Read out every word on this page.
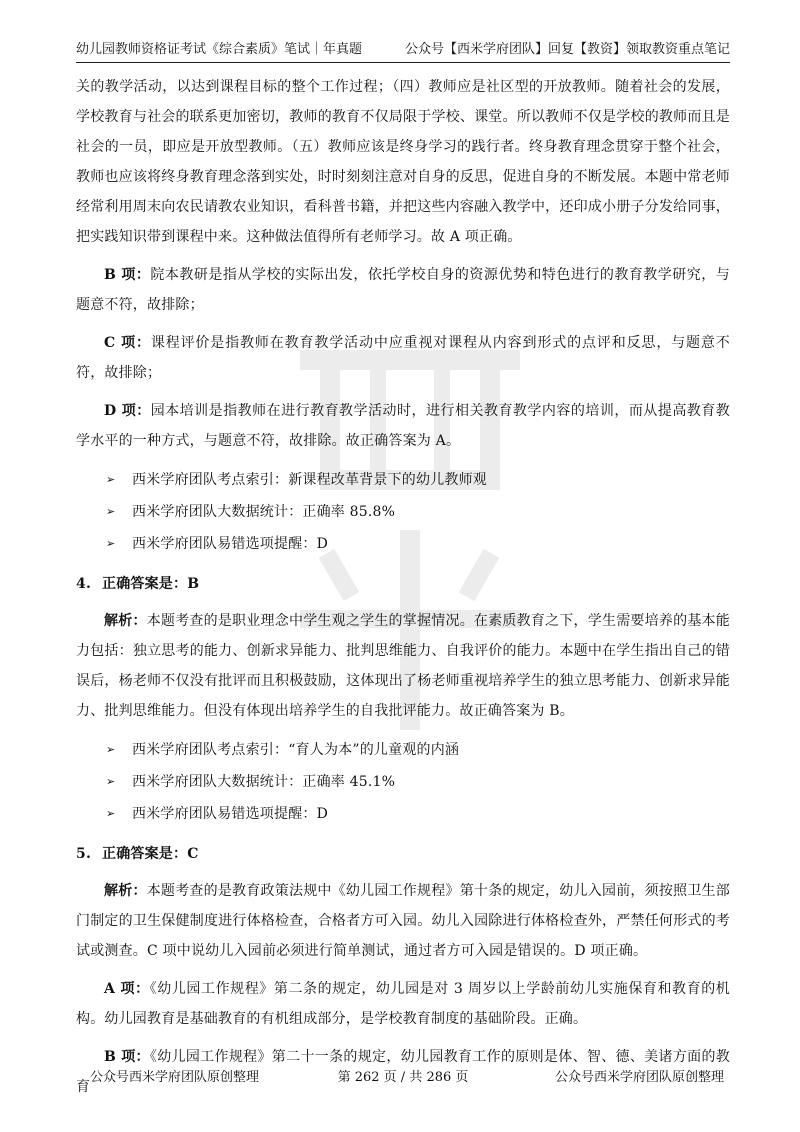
幼儿园教师资格证考试《综合素质》笔试｜年真题	公众号【西米学府团队】回复【教资】领取教资重点笔记

关的教学活动，以达到课程目标的整个工作过程；（四）教师应是社区型的开放教师。随着社会的发展，学校教育与社会的联系更加密切，教师的教育不仅局限于学校、课堂。所以教师不仅是学校的教师而且是社会的一员，即应是开放型教师。（五）教师应该是终身学习的践行者。终身教育理念贯穿于整个社会，教师也应该将终身教育理念落到实处，时时刻刻注意对自身的反思，促进自身的不断发展。本题中常老师经常利用周末向农民请教农业知识，看科普书籍，并把这些内容融入教学中，还印成小册子分发给同事，把实践知识带到课程中来。这种做法值得所有老师学习。故 A 项正确。

B 项：院本教研是指从学校的实际出发，依托学校自身的资源优势和特色进行的教育教学研究，与题意不符，故排除；

C 项：课程评价是指教师在教育教学活动中应重视对课程从内容到形式的点评和反思，与题意不符，故排除；

D 项：园本培训是指教师在进行教育教学活动时，进行相关教育教学内容的培训，而从提高教育教学水平的一种方式，与题意不符，故排除。故正确答案为 A。

➢ 西米学府团队考点索引：新课程改革背景下的幼儿教师观
➢ 西米学府团队大数据统计：正确率 85.8%
➢ 西米学府团队易错选项提醒：D
4. 正确答案是：B

解析：本题考查的是职业理念中学生观之学生的掌握情况。在素质教育之下，学生需要培养的基本能力包括：独立思考的能力、创新求异能力、批判思维能力、自我评价的能力。本题中在学生指出自己的错误后，杨老师不仅没有批评而且积极鼓励，这体现出了杨老师重视培养学生的独立思考能力、创新求异能力、批判思维能力。但没有体现出培养学生的自我批评能力。故正确答案为 B。

➢ 西米学府团队考点索引：“育人为本”的儿童观的内涵
➢ 西米学府团队大数据统计：正确率 45.1%
➢ 西米学府团队易错选项提醒：D
5. 正确答案是：C

解析：本题考查的是教育政策法规中《幼儿园工作规程》第十条的规定，幼儿入园前，须按照卫生部门制定的卫生保健制度进行体格检查，合格者方可入园。幼儿入园除进行体格检查外，严禁任何形式的考试或测查。C 项中说幼儿入园前必须进行简单测试，通过者方可入园是错误的。D 项正确。

A 项：《幼儿园工作规程》第二条的规定，幼儿园是对 3 周岁以上学龄前幼儿实施保育和教育的机构。幼儿园教育是基础教育的有机组成部分，是学校教育制度的基础阶段。正确。

B 项：《幼儿园工作规程》第二十一条的规定，幼儿园教育工作的原则是体、智、德、美诸方面的教育

公众号西米学府团队原创整理	第 262 页 / 共 286 页	公众号西米学府团队原创整理
